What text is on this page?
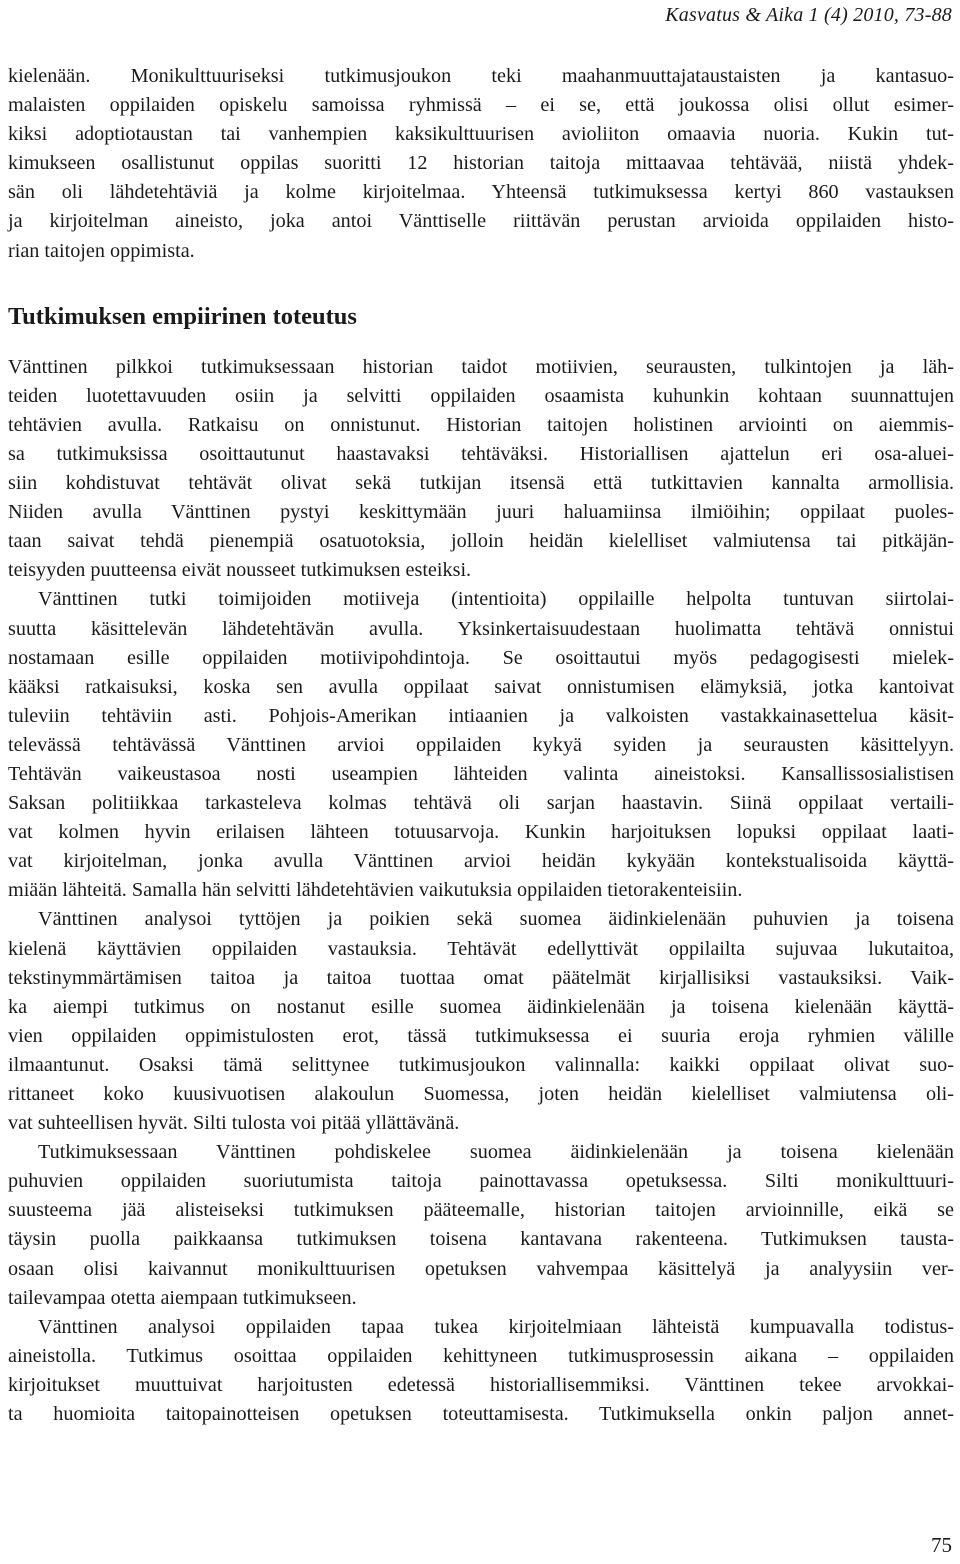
Kasvatus & Aika 1 (4) 2010, 73-88
kielenään. Monikulttuuriseksi tutkimusjoukon teki maahanmuuttajataustaisten ja kantasuo-
malaisten oppilaiden opiskelu samoissa ryhmissä – ei se, että joukossa olisi ollut esimer-
kiksi adoptiotaustan tai vanhempien kaksikulttuurisen avioliiton omaavia nuoria. Kukin tut-
kimukseen osallistunut oppilas suoritti 12 historian taitoja mittaavaa tehtävää, niistä yhdek-
sän oli lähdetehtäviä ja kolme kirjoitelmaa. Yhteensä tutkimuksessa kertyi 860 vastauksen
ja kirjoitelman aineisto, joka antoi Vänttiselle riittävän perustan arvioida oppilaiden histo-
rian taitojen oppimista.
Tutkimuksen empiirinen toteutus
Vänttinen pilkkoi tutkimuksessaan historian taidot motiivien, seurausten, tulkintojen ja läh-
teiden luotettavuuden osiin ja selvitti oppilaiden osaamista kuhunkin kohtaan suunnattujen
tehtävien avulla. Ratkaisu on onnistunut. Historian taitojen holistinen arviointi on aiemmis-
sa tutkimuksissa osoittautunut haastavaksi tehtäväksi. Historiallisen ajattelun eri osa-aluei-
siin kohdistuvat tehtävät olivat sekä tutkijan itsensä että tutkittavien kannalta armollisia.
Niiden avulla Vänttinen pystyi keskittymään juuri haluamiinsa ilmiöihin; oppilaat puoles-
taan saivat tehdä pienempiä osatuotoksia, jolloin heidän kielelliset valmiutensa tai pitkäjän-
teisyyden puutteensa eivät nousseet tutkimuksen esteiksi.
Vänttinen tutki toimijoiden motiiveja (intentioita) oppilaille helpolta tuntuvan siirtolai-
suutta käsittelevän lähdetehtävän avulla. Yksinkertaisuudestaan huolimatta tehtävä onnistui
nostamaan esille oppilaiden motiivipohdintoja. Se osoittautui myös pedagogisesti mielek-
kääksi ratkaisuksi, koska sen avulla oppilaat saivat onnistumisen elämyksiä, jotka kantoivat
tuleviin tehtäviin asti. Pohjois-Amerikan intiaanien ja valkoisten vastakkainasettelua käsit-
televässä tehtävässä Vänttinen arvioi oppilaiden kykyä syiden ja seurausten käsittelyyn.
Tehtävän vaikeustasoa nosti useampien lähteiden valinta aineistoksi. Kansallissosialistisen
Saksan politiikkaa tarkasteleva kolmas tehtävä oli sarjan haastavin. Siinä oppilaat vertaili-
vat kolmen hyvin erilaisen lähteen totuusarvoja. Kunkin harjoituksen lopuksi oppilaat laati-
vat kirjoitelman, jonka avulla Vänttinen arvioi heidän kykyään kontekstualisoida käyttä-
miään lähteitä. Samalla hän selvitti lähdetehtävien vaikutuksia oppilaiden tietorakenteisiin.
Vänttinen analysoi tyttöjen ja poikien sekä suomea äidinkielenään puhuvien ja toisena
kielenä käyttävien oppilaiden vastauksia. Tehtävät edellyttivät oppilailta sujuvaa lukutaitoa,
tekstinymmärtämisen taitoa ja taitoa tuottaa omat päätelmät kirjallisiksi vastauksiksi. Vaik-
ka aiempi tutkimus on nostanut esille suomea äidinkielenään ja toisena kielenään käyttä-
vien oppilaiden oppimistulosten erot, tässä tutkimuksessa ei suuria eroja ryhmien välille
ilmaantunut. Osaksi tämä selittynee tutkimusjoukon valinnalla: kaikki oppilaat olivat suo-
rittaneet koko kuusivuotisen alakoulun Suomessa, joten heidän kielelliset valmiutensa oli-
vat suhteellisen hyvät. Silti tulosta voi pitää yllättävänä.
Tutkimuksessaan Vänttinen pohdiskelee suomea äidinkielenään ja toisena kielenään
puhuvien oppilaiden suoriutumista taitoja painottavassa opetuksessa. Silti monikulttuuri-
suusteema jää alisteiseksi tutkimuksen pääteemalle, historian taitojen arvioinnille, eikä se
täysin puolla paikkaansa tutkimuksen toisena kantavana rakenteena. Tutkimuksen tausta-
osaan olisi kaivannut monikulttuurisen opetuksen vahvempaa käsittelyä ja analyysiin ver-
tailevampaa otetta aiempaan tutkimukseen.
Vänttinen analysoi oppilaiden tapaa tukea kirjoitelmiaan lähteistä kumpuavalla todistus-
aineistolla. Tutkimus osoittaa oppilaiden kehittyneen tutkimusprosessin aikana – oppilaiden
kirjoitukset muuttuivat harjoitusten edetessä historiallisemmiksi. Vänttinen tekee arvokkai-
ta huomioita taitopainotteisen opetuksen toteuttamisesta. Tutkimuksella onkin paljon annet-
75
